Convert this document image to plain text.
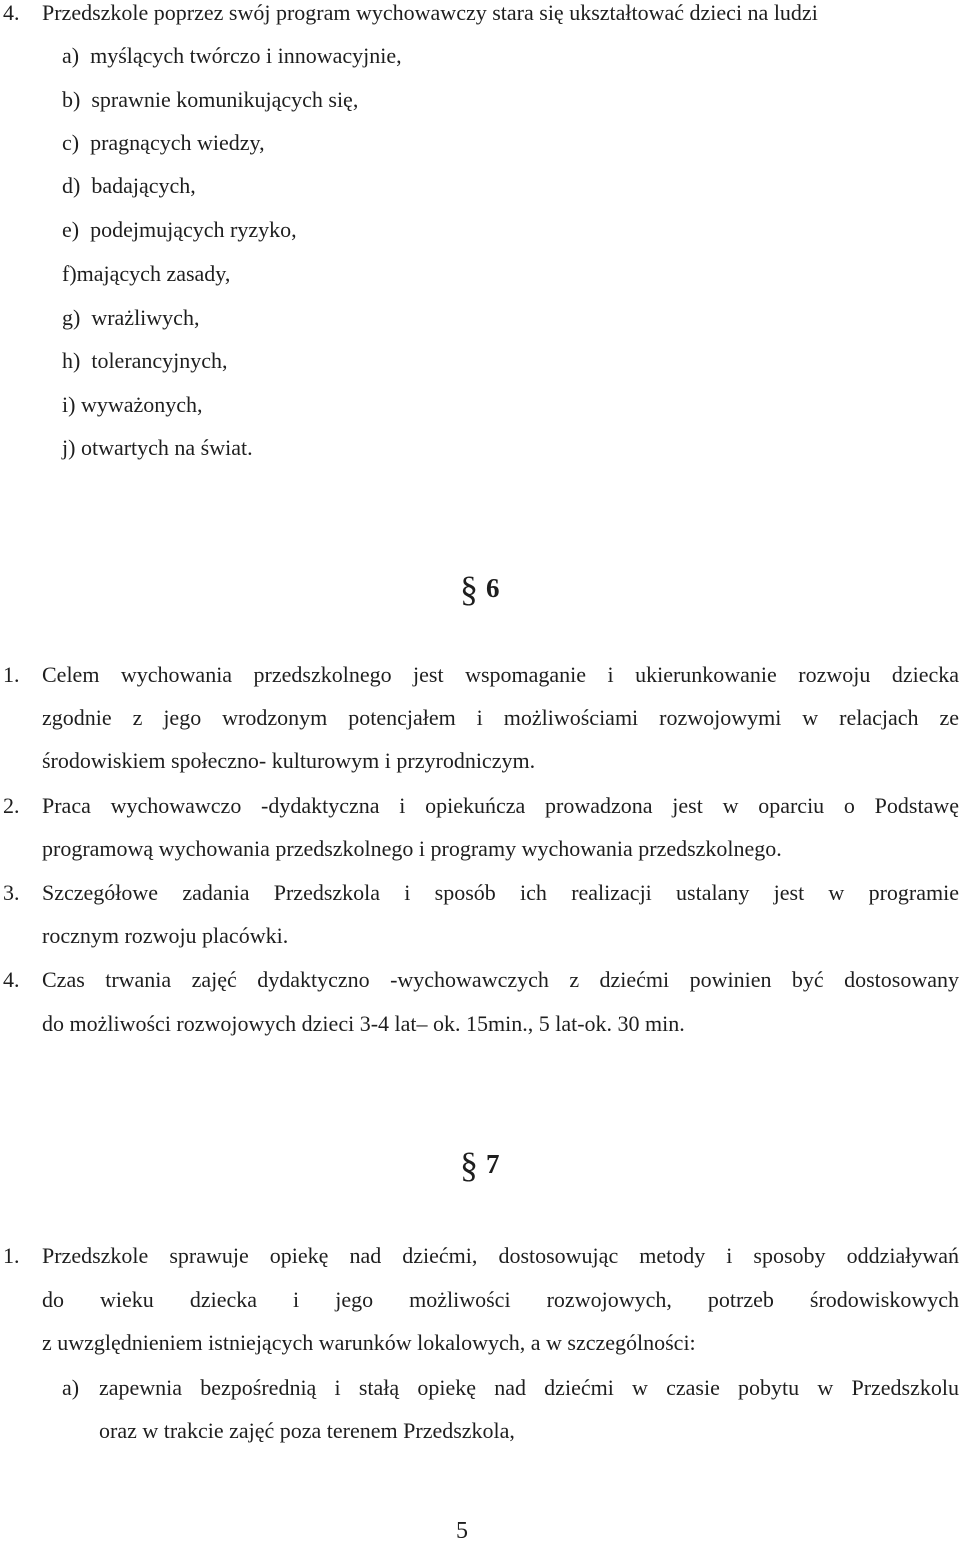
4. Przedszkole poprzez swój program wychowawczy stara się ukształtować dzieci na ludzi
a) myślących twórczo i innowacyjnie,
b) sprawnie komunikujących się,
c) pragnących wiedzy,
d) badających,
e) podejmujących ryzyko,
f)mających zasady,
g) wrażliwych,
h) tolerancyjnych,
i) wyważonych,
j) otwartych na świat.
§ 6
1. Celem wychowania przedszkolnego jest wspomaganie i ukierunkowanie rozwoju dziecka
zgodnie z jego wrodzonym potencjałem i możliwościami rozwojowymi w relacjach ze
środowiskiem społeczno- kulturowym i przyrodniczym.
2. Praca wychowawczo -dydaktyczna i opiekuńcza prowadzona jest w oparciu o Podstawę
programową wychowania przedszkolnego i programy wychowania przedszkolnego.
3. Szczegółowe zadania Przedszkola i sposób ich realizacji ustalany jest w programie
rocznym rozwoju placówki.
4. Czas trwania zajęć dydaktyczno -wychowawczych z dziećmi powinien być dostosowany
do możliwości rozwojowych dzieci 3-4 lat– ok. 15min., 5 lat-ok. 30 min.
§ 7
1. Przedszkole sprawuje opiekę nad dziećmi, dostosowując metody i sposoby oddziaływań
do wieku dziecka i jego możliwości rozwojowych, potrzeb środowiskowych
z uwzględnieniem istniejących warunków lokalowych, a w szczególności:
a) zapewnia bezpośrednią i stałą opiekę nad dziećmi w czasie pobytu w Przedszkolu
oraz w trakcie zajęć poza terenem Przedszkola,
5
